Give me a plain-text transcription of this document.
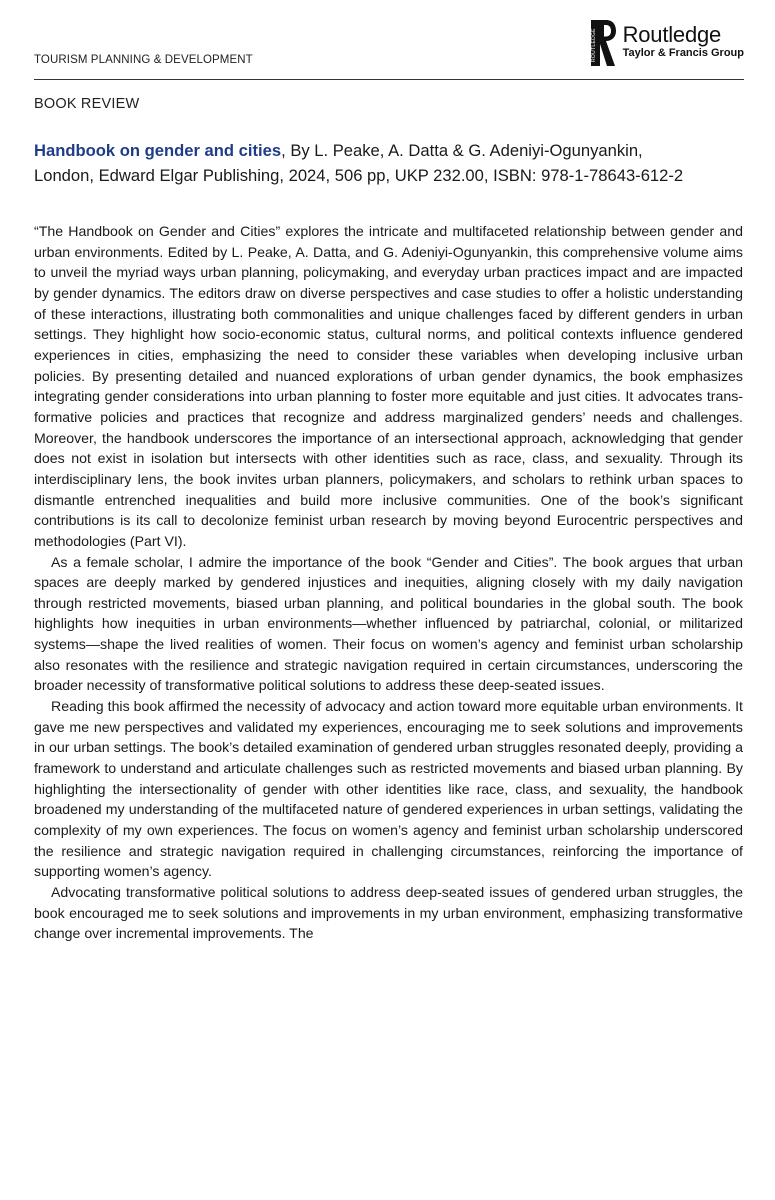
TOURISM PLANNING & DEVELOPMENT	ROUTLEDGE Routledge
Taylor & Francis Group
BOOK REVIEW
Handbook on gender and cities, By L. Peake, A. Datta & G. Adeniyi-Ogunyankin,
London, Edward Elgar Publishing, 2024, 506 pp, UKP 232.00, ISBN: 978-1-78643-612-2

“The Handbook on Gender and Cities” explores the intricate and multifaceted relationship between gender and urban environments. Edited by L. Peake, A. Datta, and G. Adeniyi-Ogunyankin, this comprehensive volume aims to unveil the myriad ways urban planning, policymaking, and everyday urban practices impact and are impacted by gender dynamics. The editors draw on diverse perspectives and case studies to offer a holistic understanding of these interactions, illustrating both commonalities and unique challenges faced by different genders in urban settings. They highlight how socio-economic status, cultural norms, and political contexts influence gendered experiences in cities, emphasizing the need to consider these variables when developing inclusive urban policies. By presenting detailed and nuanced explorations of urban gender dynamics, the book emphasizes integrating gender considerations into urban planning to foster more equitable and just cities. It advocates transformative policies and practices that recognize and address marginalized genders’ needs and challenges. Moreover, the handbook underscores the importance of an intersectional approach, acknowledging that gender does not exist in isolation but intersects with other identities such as race, class, and sexuality. Through its interdisciplinary lens, the book invites urban planners, policymakers, and scholars to rethink urban spaces to dismantle entrenched inequalities and build more inclusive communities. One of the book’s significant contributions is its call to decolonize feminist urban research by moving beyond Eurocentric perspectives and methodologies (Part VI).

As a female scholar, I admire the importance of the book “Gender and Cities”. The book argues that urban spaces are deeply marked by gendered injustices and inequities, aligning closely with my daily navigation through restricted movements, biased urban planning, and political boundaries in the global south. The book highlights how inequities in urban environments—whether influenced by patriarchal, colonial, or militarized systems—shape the lived realities of women. Their focus on women’s agency and feminist urban scholarship also resonates with the resilience and strategic navigation required in certain circumstances, underscoring the broader necessity of transformative political solutions to address these deep-seated issues.

Reading this book affirmed the necessity of advocacy and action toward more equitable urban environments. It gave me new perspectives and validated my experiences, encouraging me to seek solutions and improvements in our urban settings. The book’s detailed examination of gendered urban struggles resonated deeply, providing a framework to understand and articulate challenges such as restricted movements and biased urban planning. By highlighting the intersectionality of gender with other identities like race, class, and sexuality, the handbook broadened my understanding of the multifaceted nature of gendered experiences in urban settings, validating the complexity of my own experiences. The focus on women’s agency and feminist urban scholarship underscored the resilience and strategic navigation required in challenging circumstances, reinforcing the importance of supporting women’s agency.

Advocating transformative political solutions to address deep-seated issues of gendered urban struggles, the book encouraged me to seek solutions and improvements in my urban environment, emphasizing transformative change over incremental improvements. The
